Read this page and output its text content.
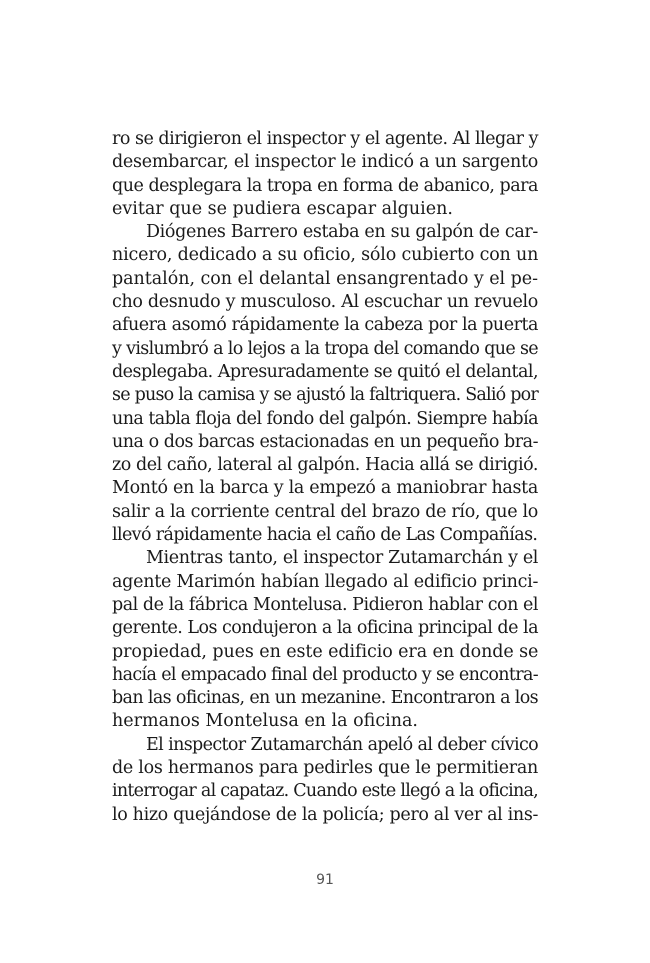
ro se dirigieron el inspector y el agente. Al llegar y
desembarcar, el inspector le indicó a un sargento
que desplegara la tropa en forma de abanico, para
evitar que se pudiera escapar alguien.
Diógenes Barrero estaba en su galpón de car-
nicero, dedicado a su oficio, sólo cubierto con un
pantalón, con el delantal ensangrentado y el pe-
cho desnudo y musculoso. Al escuchar un revuelo
afuera asomó rápidamente la cabeza por la puerta
y vislumbró a lo lejos a la tropa del comando que se
desplegaba. Apresuradamente se quitó el delantal,
se puso la camisa y se ajustó la faltriquera. Salió por
una tabla floja del fondo del galpón. Siempre había
una o dos barcas estacionadas en un pequeño bra-
zo del caño, lateral al galpón. Hacia allá se dirigió.
Montó en la barca y la empezó a maniobrar hasta
salir a la corriente central del brazo de río, que lo
llevó rápidamente hacia el caño de Las Compañías.
Mientras tanto, el inspector Zutamarchán y el
agente Marimón habían llegado al edificio princi-
pal de la fábrica Montelusa. Pidieron hablar con el
gerente. Los condujeron a la oficina principal de la
propiedad, pues en este edificio era en donde se
hacía el empacado final del producto y se encontra-
ban las oficinas, en un mezanine. Encontraron a los
hermanos Montelusa en la oficina.
El inspector Zutamarchán apeló al deber cívico
de los hermanos para pedirles que le permitieran
interrogar al capataz. Cuando este llegó a la oficina,
lo hizo quejándose de la policía; pero al ver al ins-
91
